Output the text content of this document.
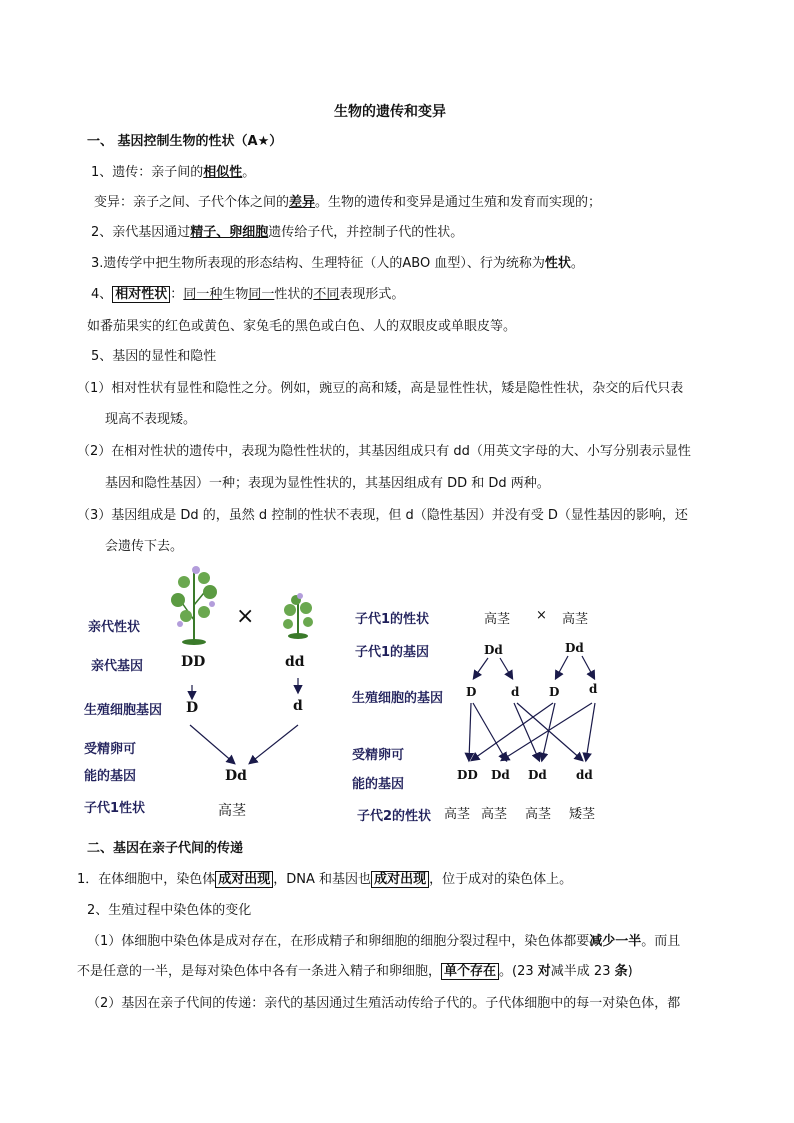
生物的遗传和变异
一、 基因控制生物的性状（A★）
1、遗传：亲子间的相似性。
变异：亲子之间、子代个体之间的差异。生物的遗传和变异是通过生殖和发育而实现的；
2、亲代基因通过精子、卵细胞遗传给子代，并控制子代的性状。
3.遗传学中把生物所表现的形态结构、生理特征（人的ABO 血型）、行为统称为性状。
4、 相对性状 ：同一种生物同一性状的不同表现形式。
如番茄果实的红色或黄色、家兔毛的黑色或白色、人的双眼皮或单眼皮等。
5、基因的显性和隐性
（1）相对性状有显性和隐性之分。例如，豌豆的高和矮，高是显性性状，矮是隐性性状，杂交的后代只表
现高不表现矮。
（2）在相对性状的遗传中，表现为隐性性状的，其基因组成只有 dd（用英文字母的大、小写分别表示显性
基因和隐性基因）一种；表现为显性性状的，其基因组成有 DD 和 Dd 两种。
（3）基因组成是 Dd 的，虽然 d 控制的性状不表现，但 d（隐性基因）并没有受 D（显性基因的影响，还
会遗传下去。
亲代性状
亲代基因
生殖细胞基因
受精卵可
能的基因
子代1性状
×
DD	dd
D	d
Dd
高茎
子代1的性状
子代1的基因
生殖细胞的基因
受精卵可
能的基因
子代2的性状
高茎 × 高茎
Dd	Dd
D	d D d
DD Dd Dd dd
高茎 高茎 高茎 矮茎
二、基因在亲子代间的传递
1．在体细胞中，染色体 成对出现 ，DNA 和基因也 成对出现 ，位于成对的染色体上。
2、生殖过程中染色体的变化
（1）体细胞中染色体是成对存在，在形成精子和卵细胞的细胞分裂过程中，染色体都要减少一半。而且
不是任意的一半，是每对染色体中各有一条进入精子和卵细胞， 单个存在 。(23 对减半成 23 条)
（2）基因在亲子代间的传递：亲代的基因通过生殖活动传给子代的。子代体细胞中的每一对染色体，都
